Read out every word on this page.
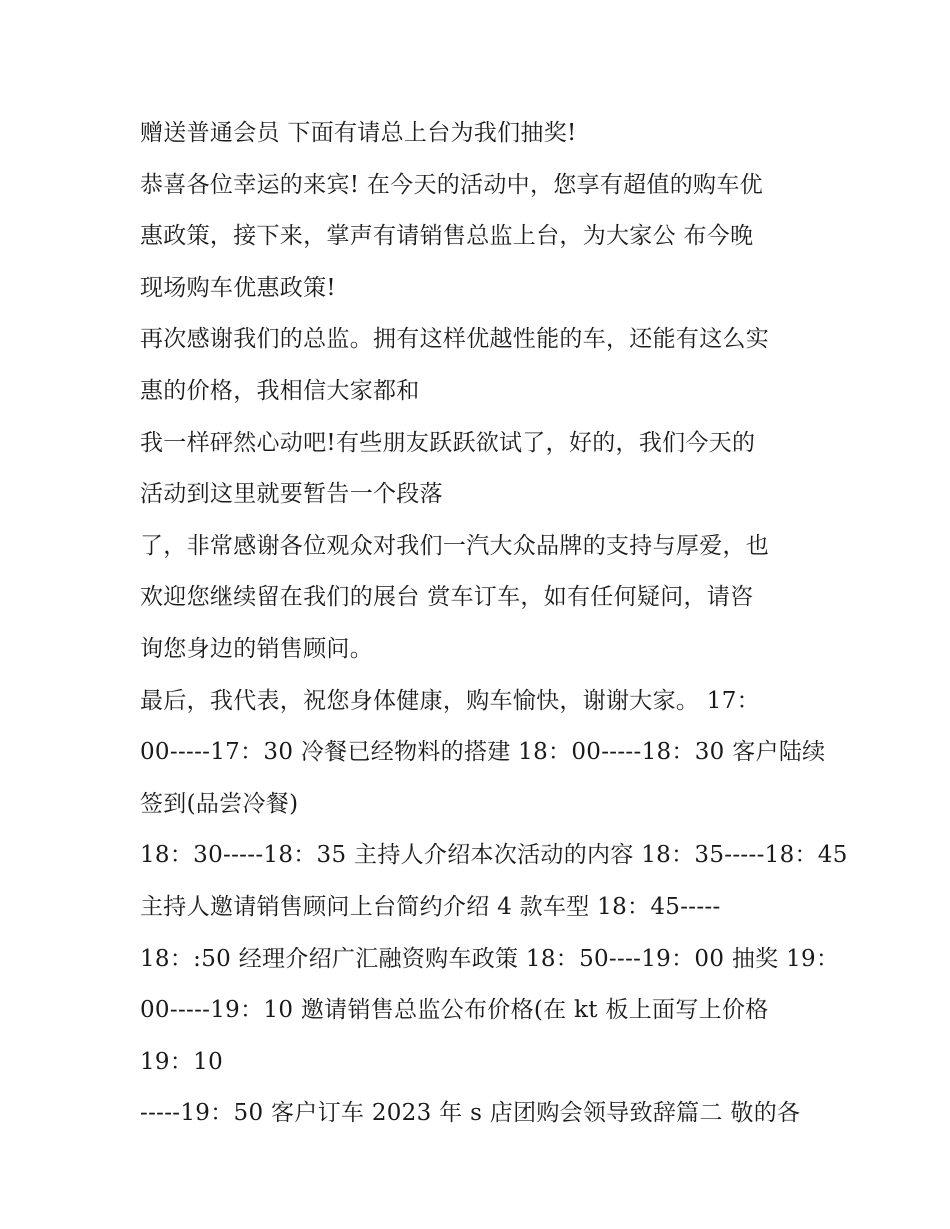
赠送普通会员 下面有请总上台为我们抽奖!
恭喜各位幸运的来宾! 在今天的活动中，您享有超值的购车优
惠政策，接下来，掌声有请销售总监上台，为大家公 布今晚
现场购车优惠政策!
再次感谢我们的总监。拥有这样优越性能的车，还能有这么实
惠的价格，我相信大家都和
我一样砰然心动吧!有些朋友跃跃欲试了，好的，我们今天的
活动到这里就要暂告一个段落
了，非常感谢各位观众对我们一汽大众品牌的支持与厚爱，也
欢迎您继续留在我们的展台 赏车订车，如有任何疑问，请咨
询您身边的销售顾问。
最后，我代表，祝您身体健康，购车愉快，谢谢大家。 17：
00-----17：30 冷餐已经物料的搭建 18：00-----18：30 客户陆续
签到(品尝冷餐)
18：30-----18：35 主持人介绍本次活动的内容 18：35-----18：45
主持人邀请销售顾问上台简约介绍 4 款车型 18：45-----
18：:50 经理介绍广汇融资购车政策 18：50----19：00 抽奖 19：
00-----19：10 邀请销售总监公布价格(在 kt 板上面写上价格
19：10
-----19：50 客户订车 2023 年 s 店团购会领导致辞篇二 敬的各
